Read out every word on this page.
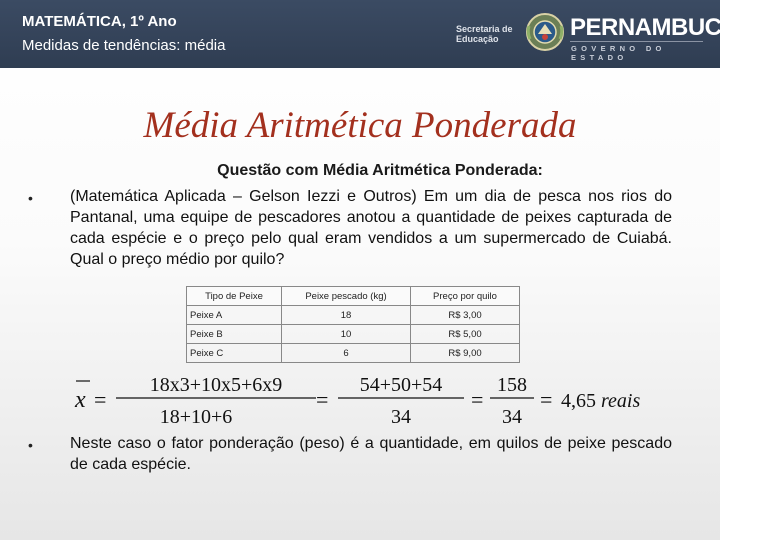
MATEMÁTICA, 1º Ano
Medidas de tendências: média
Secretaria de
Educação	PERNAMBUCO
GOVERNO DO ESTADO
Média Aritmética Ponderada
Questão com Média Aritmética Ponderada:
• (Matemática Aplicada – Gelson Iezzi e Outros) Em um dia de pesca nos rios do Pantanal, uma equipe de pescadores anotou a quantidade de peixes capturada de cada espécie e o preço pelo qual eram vendidos a um supermercado de Cuiabá. Qual o preço médio por quilo?
Tipo de Peixe	Peixe pescado (kg)	Preço por quilo
Peixe A	18	R$ 3,00
Peixe B	10	R$ 5,00
Peixe C	6	R$ 9,00
x =
18x3+10x5+6x9
18+10+6
=
54+50+54
34
=
158
34
= 4,65 reais
• Neste caso o fator ponderação (peso) é a quantidade, em quilos de peixe pescado de cada espécie.
